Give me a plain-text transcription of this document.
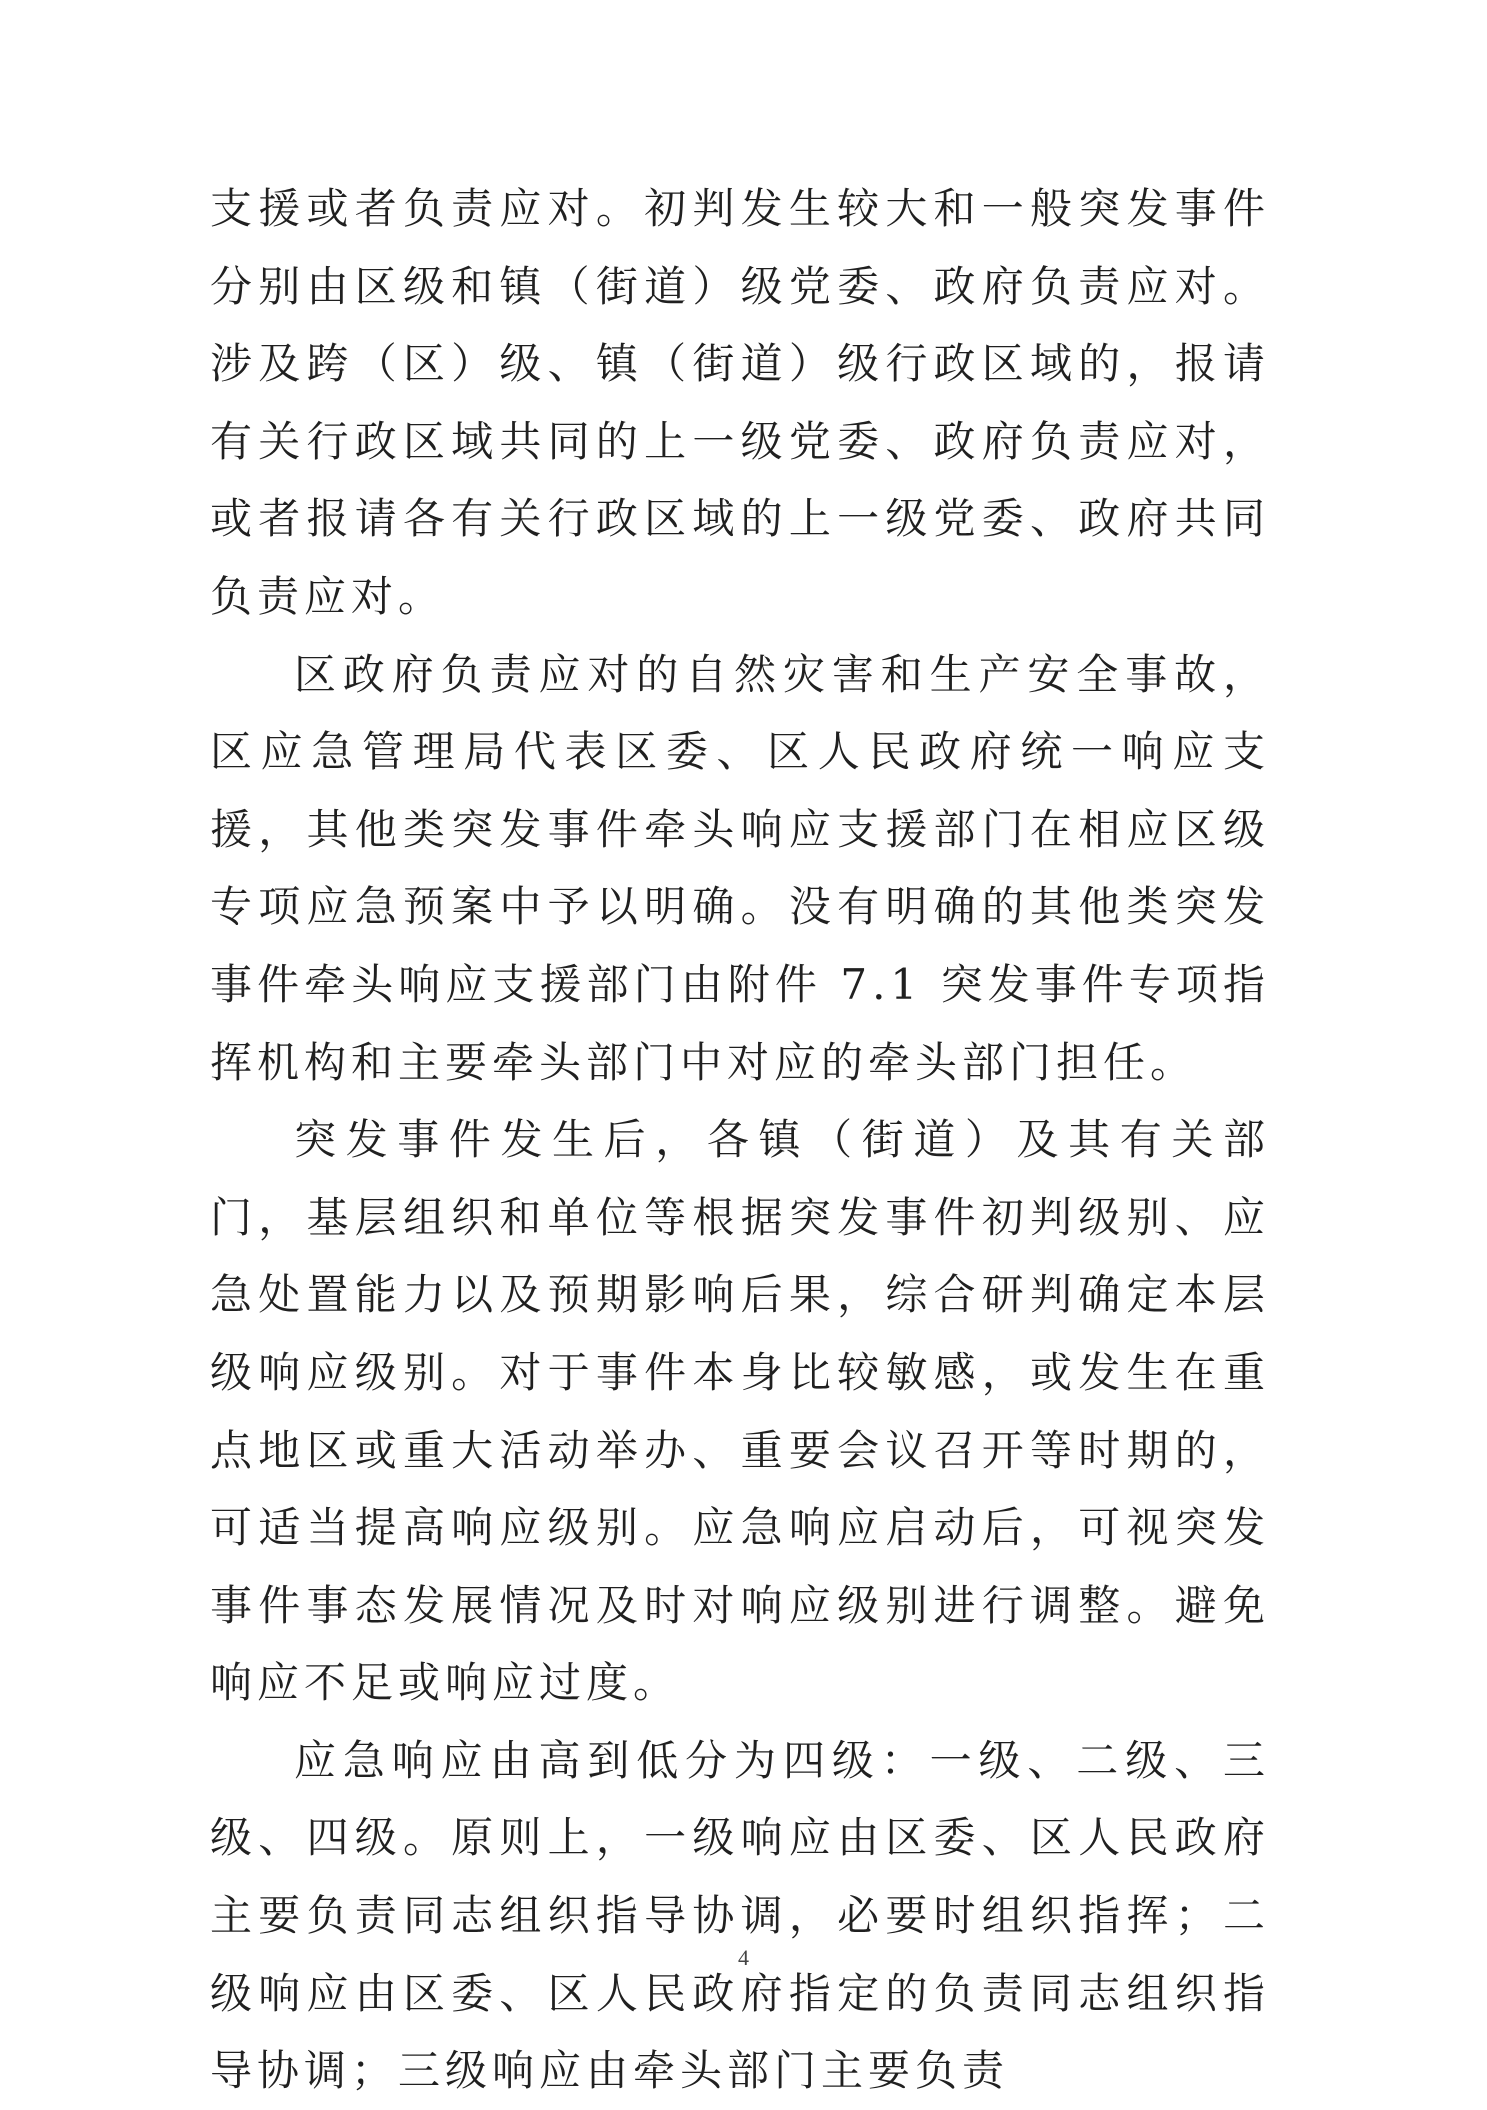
支援或者负责应对。初判发生较大和一般突发事件分别由区级和镇（街道）级党委、政府负责应对。涉及跨（区）级、镇（街道）级行政区域的，报请有关行政区域共同的上一级党委、政府负责应对，或者报请各有关行政区域的上一级党委、政府共同负责应对。

区政府负责应对的自然灾害和生产安全事故，区应急管理局代表区委、区人民政府统一响应支援，其他类突发事件牵头响应支援部门在相应区级专项应急预案中予以明确。没有明确的其他类突发事件牵头响应支援部门由附件 7.1 突发事件专项指挥机构和主要牵头部门中对应的牵头部门担任。

突发事件发生后，各镇（街道）及其有关部门，基层组织和单位等根据突发事件初判级别、应急处置能力以及预期影响后果，综合研判确定本层级响应级别。对于事件本身比较敏感，或发生在重点地区或重大活动举办、重要会议召开等时期的，可适当提高响应级别。应急响应启动后，可视突发事件事态发展情况及时对响应级别进行调整。避免响应不足或响应过度。

应急响应由高到低分为四级：一级、二级、三级、四级。原则上，一级响应由区委、区人民政府主要负责同志组织指导协调，必要时组织指挥；二级响应由区委、区人民政府指定的负责同志组织指导协调；三级响应由牵头部门主要负责

4
